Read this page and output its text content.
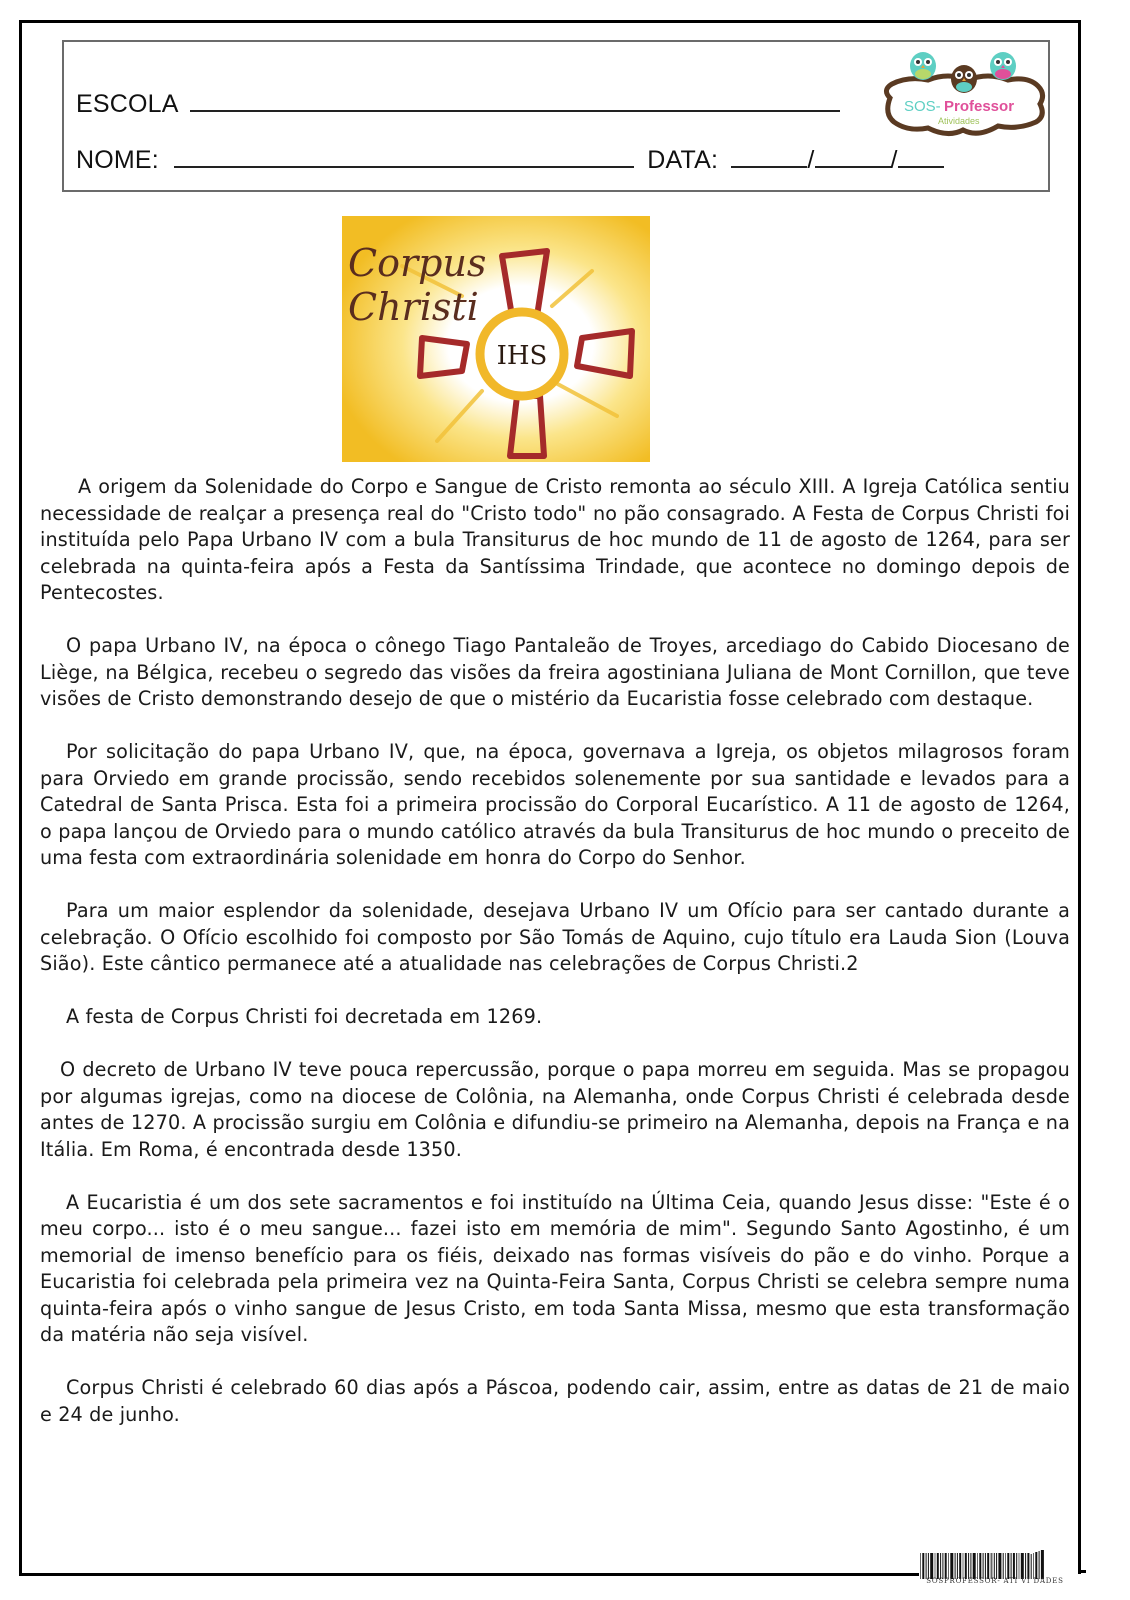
ESCOLA
NOME:	DATA:	/	/
SOS- Professor
Atividades
IHS
Corpus
Christi

A origem da Solenidade do Corpo e Sangue de Cristo remonta ao século XIII. A Igreja Católica sentiu necessidade de realçar a presença real do "Cristo todo" no pão consagrado. A Festa de Corpus Christi foi instituída pelo Papa Urbano IV com a bula Transiturus de hoc mundo de 11 de agosto de 1264, para ser celebrada na quinta-feira após a Festa da Santíssima Trindade, que acontece no domingo depois de Pentecostes.

O papa Urbano IV, na época o cônego Tiago Pantaleão de Troyes, arcediago do Cabido Diocesano de Liège, na Bélgica, recebeu o segredo das visões da freira agostiniana Juliana de Mont Cornillon, que teve visões de Cristo demonstrando desejo de que o mistério da Eucaristia fosse celebrado com destaque.

Por solicitação do papa Urbano IV, que, na época, governava a Igreja, os objetos milagrosos foram para Orviedo em grande procissão, sendo recebidos solenemente por sua santidade e levados para a Catedral de Santa Prisca. Esta foi a primeira procissão do Corporal Eucarístico. A 11 de agosto de 1264, o papa lançou de Orviedo para o mundo católico através da bula Transiturus de hoc mundo o preceito de uma festa com extraordinária solenidade em honra do Corpo do Senhor.

Para um maior esplendor da solenidade, desejava Urbano IV um Ofício para ser cantado durante a celebração. O Ofício escolhido foi composto por São Tomás de Aquino, cujo título era Lauda Sion (Louva Sião). Este cântico permanece até a atualidade nas celebrações de Corpus Christi.2

A festa de Corpus Christi foi decretada em 1269.

O decreto de Urbano IV teve pouca repercussão, porque o papa morreu em seguida. Mas se propagou por algumas igrejas, como na diocese de Colônia, na Alemanha, onde Corpus Christi é celebrada desde antes de 1270. A procissão surgiu em Colônia e difundiu-se primeiro na Alemanha, depois na França e na Itália. Em Roma, é encontrada desde 1350.

A Eucaristia é um dos sete sacramentos e foi instituído na Última Ceia, quando Jesus disse: "Este é o meu corpo... isto é o meu sangue... fazei isto em memória de mim". Segundo Santo Agostinho, é um memorial de imenso benefício para os fiéis, deixado nas formas visíveis do pão e do vinho. Porque a Eucaristia foi celebrada pela primeira vez na Quinta-Feira Santa, Corpus Christi se celebra sempre numa quinta-feira após o vinho sangue de Jesus Cristo, em toda Santa Missa, mesmo que esta transformação da matéria não seja visível.

Corpus Christi é celebrado 60 dias após a Páscoa, podendo cair, assim, entre as datas de 21 de maio e 24 de junho.

SOSPROFESSOR- ATI VI DADES
